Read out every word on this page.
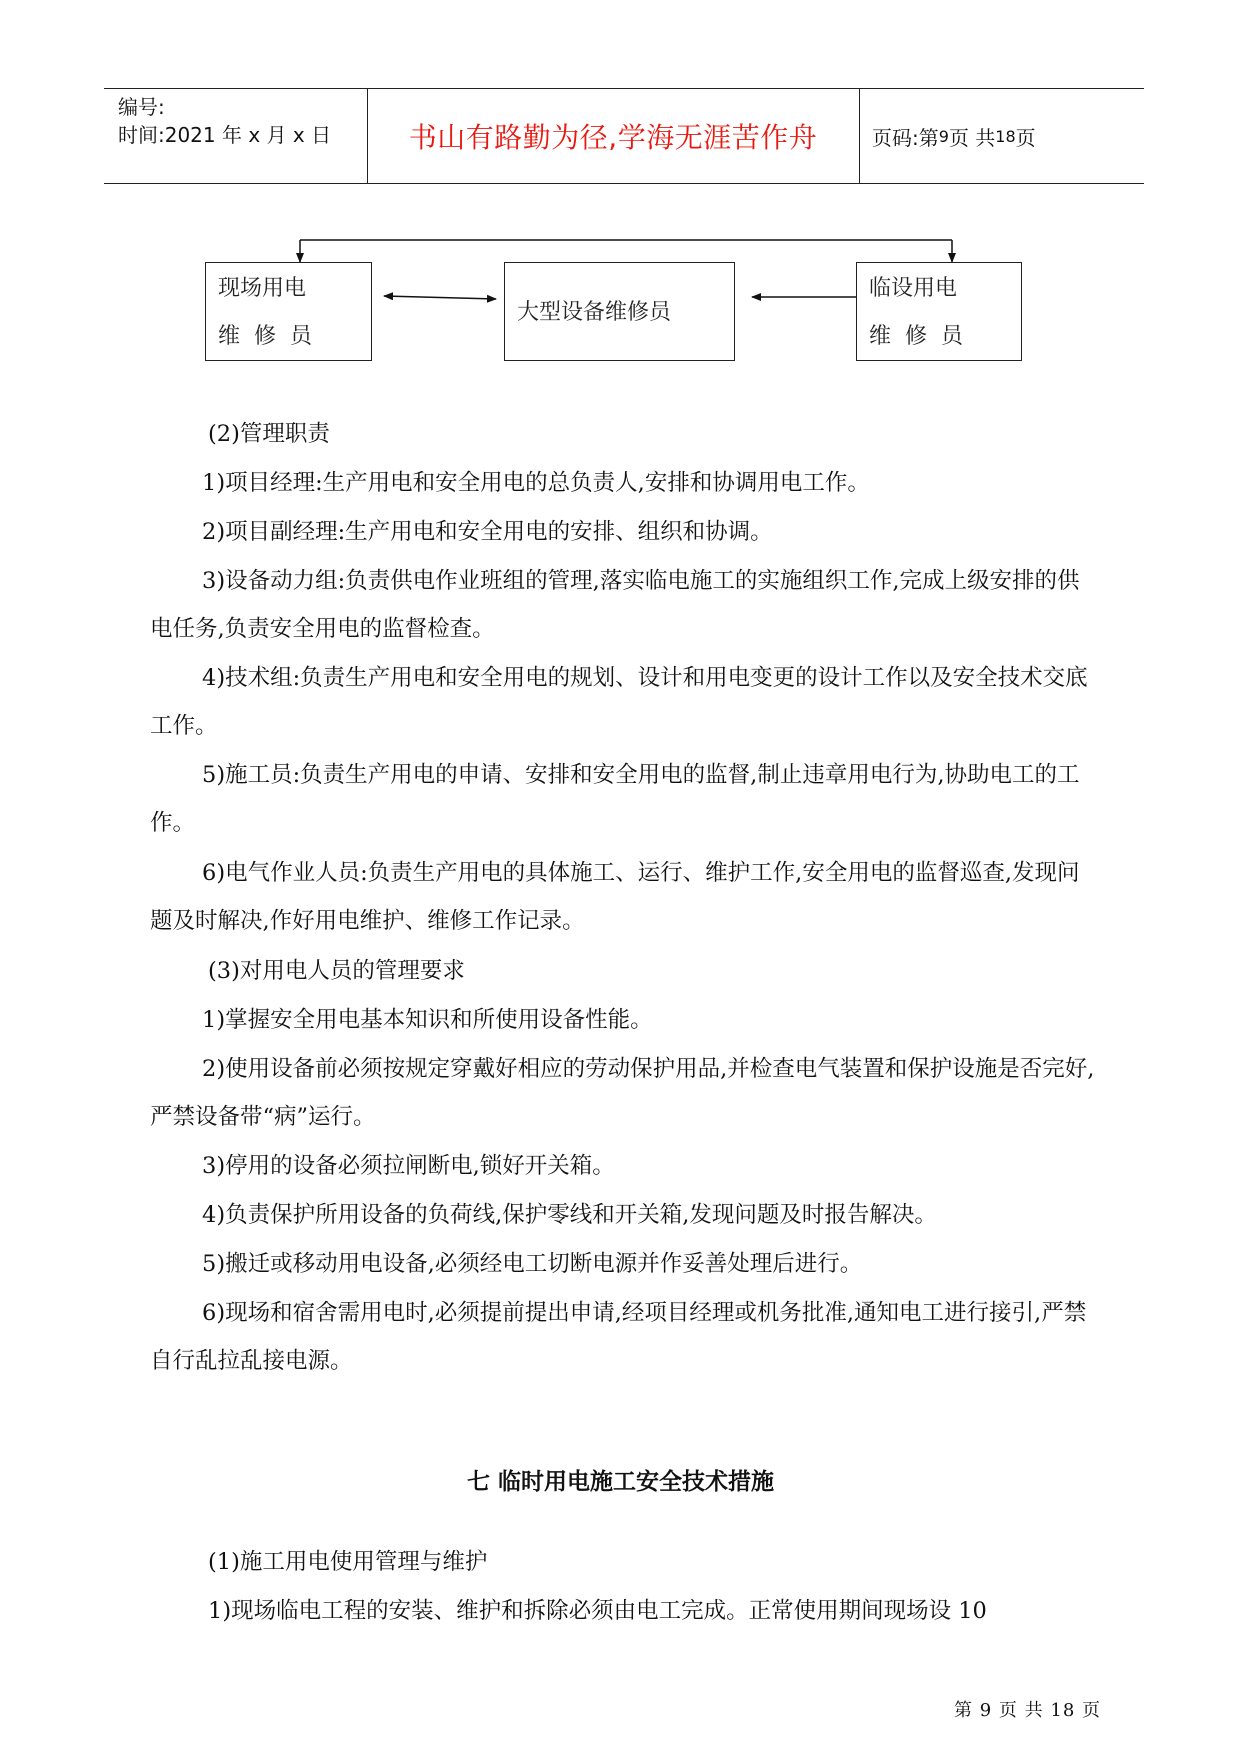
编号:
时间:2021 年 x 月 x 日	书山有路勤为径,学海无涯苦作舟	页码:第 9 页 共 18 页
现场用电
维  修  员
大型设备维修员
临设用电
维  修  员
(2)管理职责
1)项目经理:生产用电和安全用电的总负责人,安排和协调用电工作。
2)项目副经理:生产用电和安全用电的安排、组织和协调。
3)设备动力组:负责供电作业班组的管理,落实临电施工的实施组织工作,完成上级安排的供电任务,负责安全用电的监督检查。
4)技术组:负责生产用电和安全用电的规划、设计和用电变更的设计工作以及安全技术交底工作。
5)施工员:负责生产用电的申请、安排和安全用电的监督,制止违章用电行为,协助电工的工作。
6)电气作业人员:负责生产用电的具体施工、运行、维护工作,安全用电的监督巡查,发现问题及时解决,作好用电维护、维修工作记录。
(3)对用电人员的管理要求
1)掌握安全用电基本知识和所使用设备性能。
2)使用设备前必须按规定穿戴好相应的劳动保护用品,并检查电气装置和保护设施是否完好,严禁设备带“病”运行。
3)停用的设备必须拉闸断电,锁好开关箱。
4)负责保护所用设备的负荷线,保护零线和开关箱,发现问题及时报告解决。
5)搬迁或移动用电设备,必须经电工切断电源并作妥善处理后进行。
6)现场和宿舍需用电时,必须提前提出申请,经项目经理或机务批准,通知电工进行接引,严禁自行乱拉乱接电源。
七 临时用电施工安全技术措施
(1)施工用电使用管理与维护
1)现场临电工程的安装、维护和拆除必须由电工完成。正常使用期间现场设 10
第 9 页 共 18 页
